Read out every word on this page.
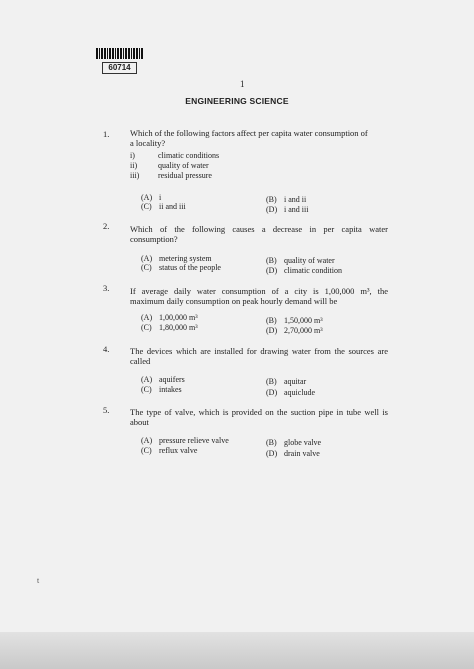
60714
1
ENGINEERING SCIENCE
1. Which of the following factors affect per capita water consumption of
a locality?
i)	climatic conditions
ii)	quality of water
iii) residual pressure
(A) i	(B) i and ii
(C) ii and iii	(D) i and iii
2. Which of the following causes a decrease in per capita water
consumption?
(A) metering system	(B) quality of water
(C) status of the people	(D) climatic condition
3. If average daily water consumption of a city is 1,00,000 m³, the
maximum daily consumption on peak hourly demand will be
(A) 1,00,000 m³	(B) 1,50,000 m³
(C) 1,80,000 m³	(D) 2,70,000 m³
4. The devices which are installed for drawing water from the sources are
called
(A) aquifers	(B) aquitar
(C) intakes	(D) aquiclude
5. The type of valve, which is provided on the suction pipe in tube well is
about
(A) pressure relieve valve	(B) globe valve
(C) reflux valve	(D) drain valve
t
